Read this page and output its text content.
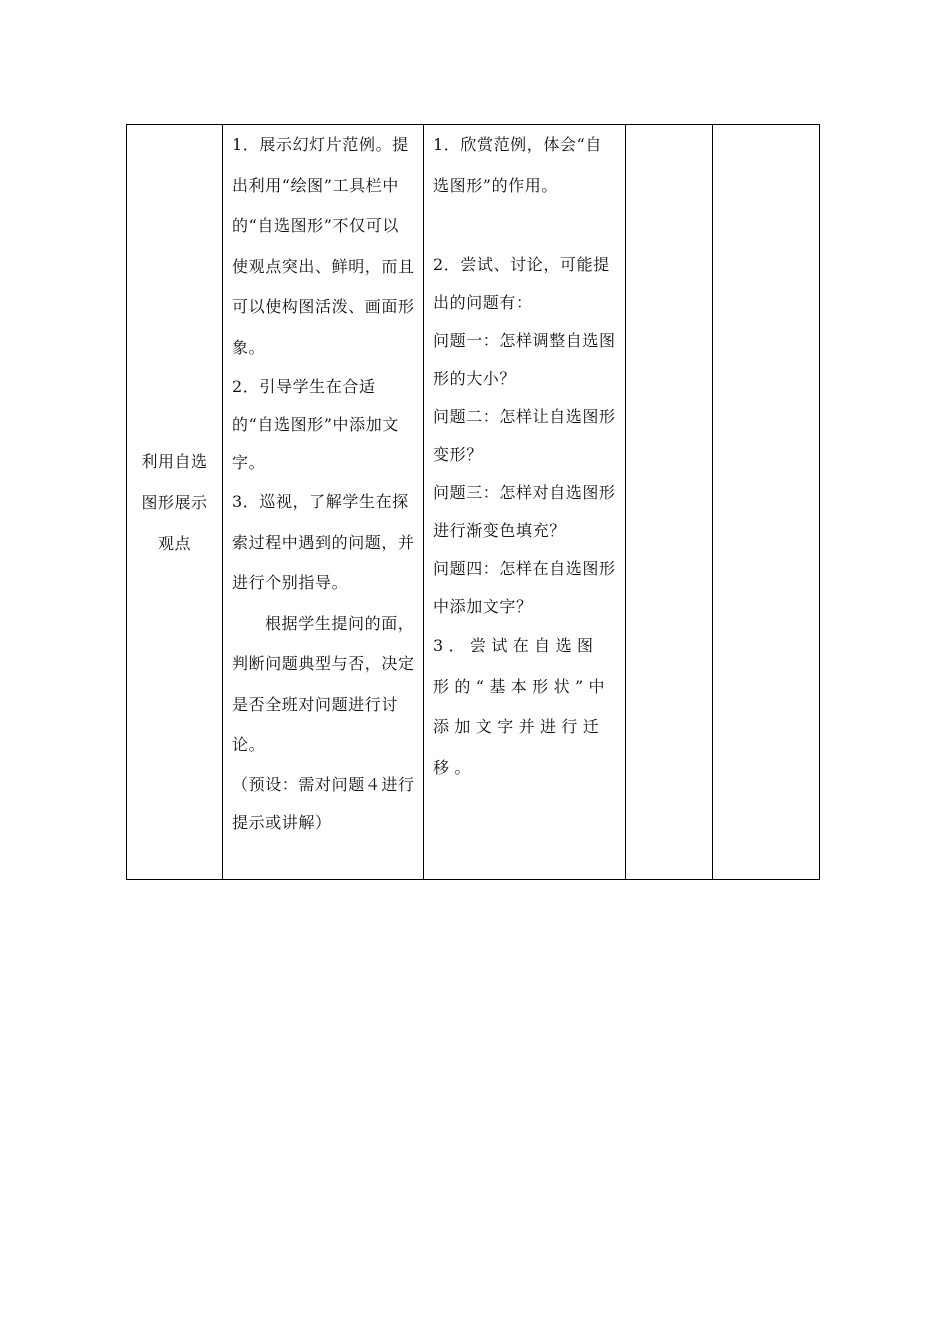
利用自选图形展示观点

1．展示幻灯片范例。提出利用“绘图”工具栏中的“自选图形”不仅可以使观点突出、鲜明，而且可以使构图活泼、画面形象。
2．引导学生在合适的“自选图形”中添加文字。
3．巡视，了解学生在探索过程中遇到的问题，并进行个别指导。
根据学生提问的面，判断问题典型与否，决定是否全班对问题进行讨论。
（预设：需对问题４进行提示或讲解）

1．欣赏范例，体会“自选图形”的作用。
2．尝试、讨论，可能提出的问题有：
问题一：怎样调整自选图形的大小？
问题二：怎样让自选图形变形？
问题三：怎样对自选图形进行渐变色填充？
问题四：怎样在自选图形中添加文字？
3．尝试在自选图形的“基本形状”中添加文字并进行迁移。
